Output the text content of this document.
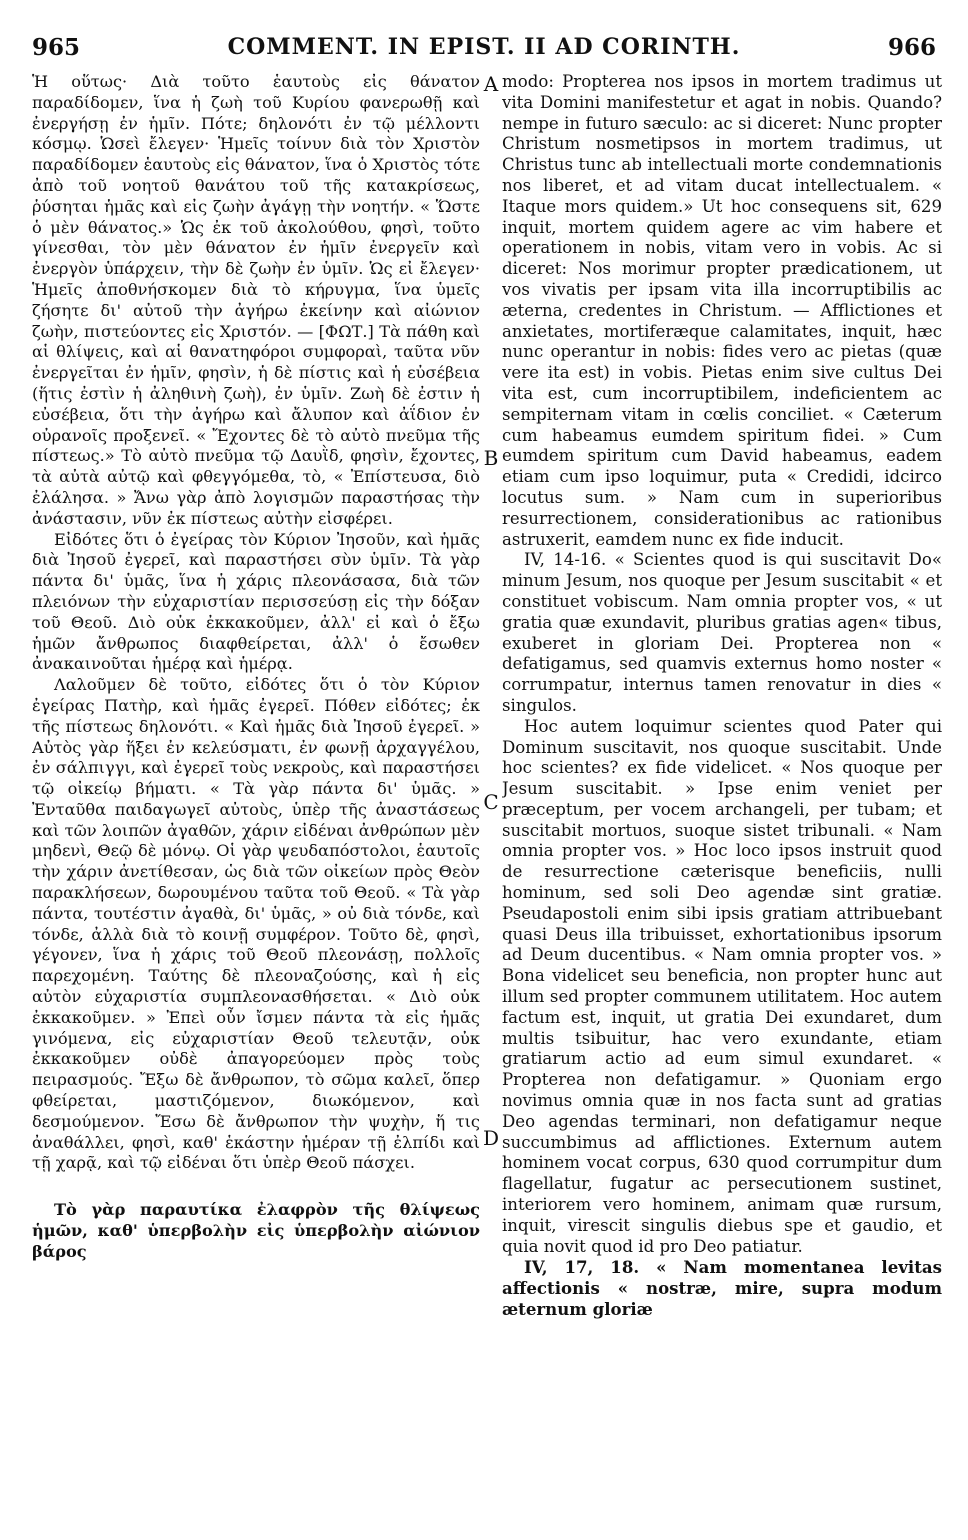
965	COMMENT. IN EPIST. II AD CORINTH.	966

Ἡ οὕτως· Διὰ τοῦτο ἑαυτοὺς εἰς θάνατον παραδίδομεν, ἵνα ἡ ζωὴ τοῦ Κυρίου φανερωθῇ καὶ ἐνεργήσῃ ἐν ἡμῖν. Πότε; δηλονότι ἐν τῷ μέλλοντι κόσμῳ. Ὡσεὶ ἔλεγεν· Ἡμεῖς τοίνυν διὰ τὸν Χριστὸν παραδίδομεν ἑαυτοὺς εἰς θάνατον, ἵνα ὁ Χριστὸς τότε ἀπὸ τοῦ νοητοῦ θανάτου τοῦ τῆς κατακρίσεως, ῥύσηται ἡμᾶς καὶ εἰς ζωὴν ἀγάγῃ τὴν νοητήν. « Ὥστε ὁ μὲν θάνατος.» Ὡς ἐκ τοῦ ἀκολούθου, φησὶ, τοῦτο γίνεσθαι, τὸν μὲν θάνατον ἐν ἡμῖν ἐνεργεῖν καὶ ἐνεργὸν ὑπάρχειν, τὴν δὲ ζωὴν ἐν ὑμῖν. Ὡς εἰ ἔλεγεν· Ἡμεῖς ἀποθνήσκομεν διὰ τὸ κήρυγμα, ἵνα ὑμεῖς ζήσητε δι' αὐτοῦ τὴν ἀγήρω ἐκείνην καὶ αἰώνιον ζωὴν, πιστεύοντες εἰς Χριστόν. — [ΦΩΤ.] Τὰ πάθη καὶ αἱ θλίψεις, καὶ αἱ θανατηφόροι συμφοραὶ, ταῦτα νῦν ἐνεργεῖται ἐν ἡμῖν, φησὶν, ἡ δὲ πίστις καὶ ἡ εὐσέβεια (ἥτις ἐστὶν ἡ ἀληθινὴ ζωὴ), ἐν ὑμῖν. Ζωὴ δὲ ἐστιν ἡ εὐσέβεια, ὅτι τὴν ἀγήρω καὶ ἄλυπον καὶ ἀΐδιον ἐν οὐρανοῖς προξενεῖ. « Ἔχοντες δὲ τὸ αὐτὸ πνεῦμα τῆς πίστεως.» Τὸ αὐτὸ πνεῦμα τῷ Δαυῒδ, φησὶν, ἔχοντες, τὰ αὐτὰ αὐτῷ καὶ φθεγγόμεθα, τὸ, « Ἐπίστευσα, διὸ ἐλάλησα. » Ἄνω γὰρ ἀπὸ λογισμῶν παραστήσας τὴν ἀνάστασιν, νῦν ἐκ πίστεως αὐτὴν εἰσφέρει.

Εἰδότες ὅτι ὁ ἐγείρας τὸν Κύριον Ἰησοῦν, καὶ ἡμᾶς διὰ Ἰησοῦ ἐγερεῖ, καὶ παραστήσει σὺν ὑμῖν. Τὰ γὰρ πάντα δι' ὑμᾶς, ἵνα ἡ χάρις πλεονάσασα, διὰ τῶν πλειόνων τὴν εὐχαριστίαν περισσεύσῃ εἰς τὴν δόξαν τοῦ Θεοῦ. Διὸ οὐκ ἐκκακοῦμεν, ἀλλ' εἰ καὶ ὁ ἔξω ἡμῶν ἄνθρωπος διαφθείρεται, ἀλλ' ὁ ἔσωθεν ἀνακαινοῦται ἡμέρᾳ καὶ ἡμέρᾳ.

Λαλοῦμεν δὲ τοῦτο, εἰδότες ὅτι ὁ τὸν Κύριον ἐγείρας Πατὴρ, καὶ ἡμᾶς ἐγερεῖ. Πόθεν εἰδότες; ἐκ τῆς πίστεως δηλονότι. « Καὶ ἡμᾶς διὰ Ἰησοῦ ἐγερεῖ. » Αὐτὸς γὰρ ἥξει ἐν κελεύσματι, ἐν φωνῇ ἀρχαγγέλου, ἐν σάλπιγγι, καὶ ἐγερεῖ τοὺς νεκροὺς, καὶ παραστήσει τῷ οἰκείῳ βήματι. « Τὰ γὰρ πάντα δι' ὑμᾶς. » Ἐνταῦθα παιδαγωγεῖ αὐτοὺς, ὑπὲρ τῆς ἀναστάσεως καὶ τῶν λοιπῶν ἀγαθῶν, χάριν εἰδέναι ἀνθρώπων μὲν μηδενὶ, Θεῷ δὲ μόνῳ. Οἱ γὰρ ψευδαπόστολοι, ἑαυτοῖς τὴν χάριν ἀνετίθεσαν, ὡς διὰ τῶν οἰκείων πρὸς Θεὸν παρακλήσεων, δωρουμένου ταῦτα τοῦ Θεοῦ. « Τὰ γὰρ πάντα, τουτέστιν ἀγαθὰ, δι' ὑμᾶς, » οὐ διὰ τόνδε, καὶ τόνδε, ἀλλὰ διὰ τὸ κοινῇ συμφέρον. Τοῦτο δὲ, φησὶ, γέγονεν, ἵνα ἡ χάρις τοῦ Θεοῦ πλεονάσῃ, πολλοῖς παρεχομένη. Ταύτης δὲ πλεοναζούσης, καὶ ἡ εἰς αὐτὸν εὐχαριστία συμπλεονασθήσεται. « Διὸ οὐκ ἐκκακοῦμεν. » Ἐπεὶ οὖν ἴσμεν πάντα τὰ εἰς ἡμᾶς γινόμενα, εἰς εὐχαριστίαν Θεοῦ τελευτᾷν, οὐκ ἐκκακοῦμεν οὐδὲ ἀπαγορεύομεν πρὸς τοὺς πειρασμούς. Ἔξω δὲ ἄνθρωπον, τὸ σῶμα καλεῖ, ὅπερ φθείρεται, μαστιζόμενον, διωκόμενον, καὶ δεσμούμενον. Ἔσω δὲ ἄνθρωπον τὴν ψυχὴν, ἥ τις ἀναθάλλει, φησὶ, καθ' ἑκάστην ἡμέραν τῇ ἐλπίδι καὶ τῇ χαρᾷ, καὶ τῷ εἰδέναι ὅτι ὑπὲρ Θεοῦ πάσχει.

Τὸ γὰρ παραυτίκα ἐλαφρὸν τῆς θλίψεως ἡμῶν, καθ' ὑπερβολὴν εἰς ὑπερβολὴν αἰώνιον βάρος

A
B
C
D

modo: Propterea nos ipsos in mortem tradimus ut vita Domini manifestetur et agat in nobis. Quando? nempe in futuro sæculo: ac si diceret: Nunc propter Christum nosmetipsos in mortem tradimus, ut Christus tunc ab intellectuali morte condemnationis nos liberet, et ad vitam ducat intellectualem. « Itaque mors quidem.» Ut hoc consequens sit, 629 inquit, mortem quidem agere ac vim habere et operationem in nobis, vitam vero in vobis. Ac si diceret: Nos morimur propter prædicationem, ut vos vivatis per ipsam vita illa incorruptibilis ac æterna, credentes in Christum. — Afflictiones et anxietates, mortiferæque calamitates, inquit, hæc nunc operantur in nobis: fides vero ac pietas (quæ vere ita est) in vobis. Pietas enim sive cultus Dei vita est, cum incorruptibilem, indeficientem ac sempiternam vitam in cœlis conciliet. « Cæterum cum habeamus eumdem spiritum fidei. » Cum eumdem spiritum cum David habeamus, eadem etiam cum ipso loquimur, puta « Credidi, idcirco locutus sum. » Nam cum in superioribus resurrectionem, considerationibus ac rationibus astruxerit, eamdem nunc ex fide inducit.

IV, 14-16. « Scientes quod is qui suscitavit Do« minum Jesum, nos quoque per Jesum suscitabit « et constituet vobiscum. Nam omnia propter vos, « ut gratia quæ exundavit, pluribus gratias agen« tibus, exuberet in gloriam Dei. Propterea non « defatigamus, sed quamvis externus homo noster « corrumpatur, internus tamen renovatur in dies « singulos.

Hoc autem loquimur scientes quod Pater qui Dominum suscitavit, nos quoque suscitabit. Unde hoc scientes? ex fide videlicet. « Nos quoque per Jesum suscitabit. » Ipse enim veniet per præceptum, per vocem archangeli, per tubam; et suscitabit mortuos, suoque sistet tribunali. « Nam omnia propter vos. » Hoc loco ipsos instruit quod de resurrectione cæterisque beneficiis, nulli hominum, sed soli Deo agendæ sint gratiæ. Pseudapostoli enim sibi ipsis gratiam attribuebant quasi Deus illa tribuisset, exhortationibus ipsorum ad Deum ducentibus. « Nam omnia propter vos. » Bona videlicet seu beneficia, non propter hunc aut illum sed propter communem utilitatem. Hoc autem factum est, inquit, ut gratia Dei exundaret, dum multis tsibuitur, hac vero exundante, etiam gratiarum actio ad eum simul exundaret. « Propterea non defatigamur. » Quoniam ergo novimus omnia quæ in nos facta sunt ad gratias Deo agendas terminari, non defatigamur neque succumbimus ad afflictiones. Externum autem hominem vocat corpus, 630 quod corrumpitur dum flagellatur, fugatur ac persecutionem sustinet, interiorem vero hominem, animam quæ rursum, inquit, virescit singulis diebus spe et gaudio, et quia novit quod id pro Deo patiatur.

IV, 17, 18. « Nam momentanea levitas affectionis « nostræ, mire, supra modum æternum gloriæ
